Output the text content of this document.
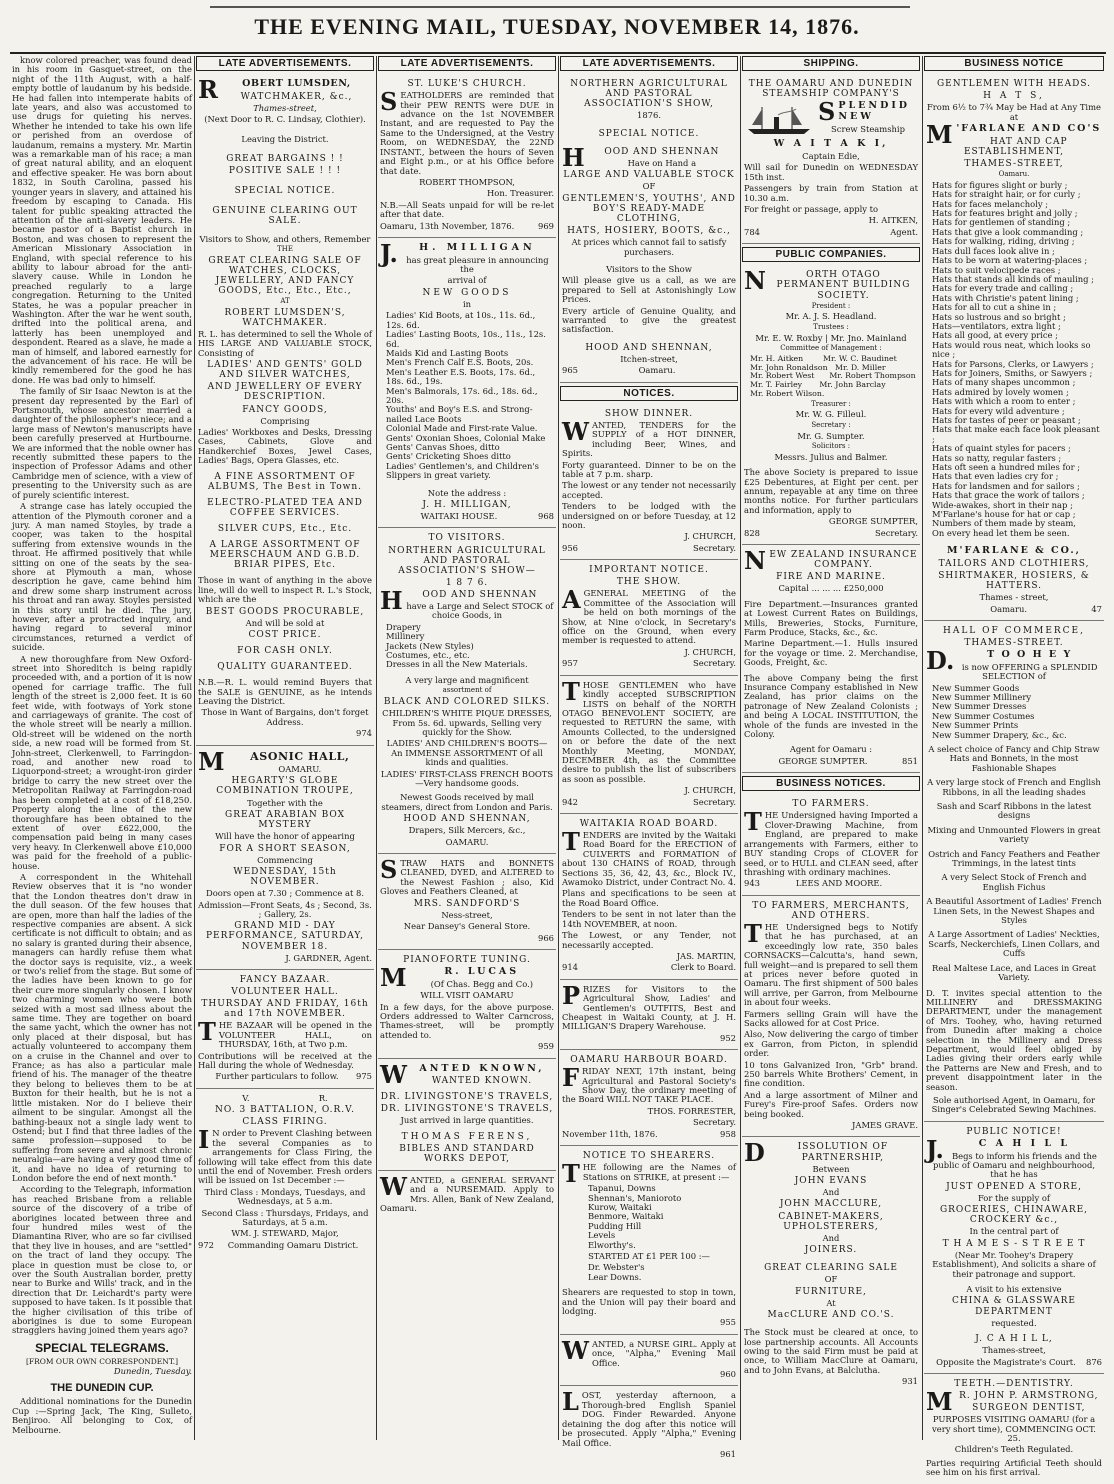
THE EVENING MAIL, TUESDAY, NOVEMBER 14, 1876.

know colored preacher, was found dead in his room in Gasquet-street, on the night of the 11th August, with a half-empty bottle of laudanum by his bedside. He had fallen into intemperate habits of late years, and also was accustomed to use drugs for quieting his nerves. Whether he intended to take his own life or perished from an overdose of laudanum, remains a mystery. Mr. Martin was a remarkable man of his race; a man of great natural ability, and an eloquent and effective speaker. He was born about 1832, in South Carolina, passed his younger years in slavery, and attained his freedom by escaping to Canada. His talent for public speaking attracted the attention of the anti-slavery leaders. He became pastor of a Baptist church in Boston, and was chosen to represent the American Missionary Association in England, with special reference to his ability to labour abroad for the anti-slavery cause. While in London he preached regularly to a large congregation. Returning to the United States, he was a popular preacher in Washington. After the war he went south, drifted into the political arena, and latterly has been unemployed and despondent. Reared as a slave, he made a man of himself, and labored earnestly for the advancement of his race. He will be kindly remembered for the good he has done. He was bad only to himself.

The family of Sir Isaac Newton is at the present day represented by the Earl of Portsmouth, whose ancestor married a daughter of the philosopher's niece; and a large mass of Newton's manuscripts have been carefully preserved at Hurtbourne. We are informed that the noble owner has recently submitted these papers to the inspection of Professor Adams and other Cambridge men of science, with a view of presenting to the University such as are of purely scientific interest.

A strange case has lately occupied the attention of the Plymouth coroner and a jury. A man named Stoyles, by trade a cooper, was taken to the hospital suffering from extensive wounds in the throat. He affirmed positively that while sitting on one of the seats by the sea-shore at Plymouth a man, whose description he gave, came behind him and drew some sharp instrument across his throat and ran away. Stoyles persisted in this story until he died. The jury, however, after a protracted inquiry, and having regard to several minor circumstances, returned a verdict of suicide.

A new thoroughfare from New Oxford-street into Shoreditch is being rapidly proceeded with, and a portion of it is now opened for carriage traffic. The full length of the street is 2,000 feet. It is 60 feet wide, with footways of York stone and carriageways of granite. The cost of the whole street will be nearly a million. Old-street will be widened on the north side, a new road will be formed from St. John-street, Clerkenwell, to Farringdon-road, and another new road to Liquorpond-street; a wrought-iron girder bridge to carry the new street over the Metropolitan Railway at Farringdon-road has been completed at a cost of £18,250. Property along the line of the new thoroughfare has been obtained to the extent of over £622,000, the compensation paid being in many cases very heavy. In Clerkenwell above £10,000 was paid for the freehold of a public-house.

A correspondent in the Whitehall Review observes that it is "no wonder that the London theatres don't draw in the dull season. Of the few houses that are open, more than half the ladies of the respective companies are absent. A sick certificate is not difficult to obtain; and as no salary is granted during their absence, managers can hardly refuse them what the doctor says is requisite, viz., a week or two's relief from the stage. But some of the ladies have been known to go for their cure more singularly chosen. I know two charming women who were both seized with a most sad illness about the same time. They are together on board the same yacht, which the owner has not only placed at their disposal, but has actually volunteered to accompany them on a cruise in the Channel and over to France; as has also a particular male friend of his. The manager of the theatre they belong to believes them to be at Buxton for their health, but he is not a little mistaken. Nor do I believe their ailment to be singular. Amongst all the bathing-beaux not a single lady went to Ostend; but I find that three ladies of the same profession—supposed to be suffering from severe and almost chronic neuralgia—are having a very good time of it, and have no idea of returning to London before the end of next month."

According to the Telegraph, information has reached Brisbane from a reliable source of the discovery of a tribe of aborigines located between three and four hundred miles west of the Diamantina River, who are so far civilised that they live in houses, and are "settled" on the tract of land they occupy. The place in question must be close to, or over the South Australian border, pretty near to Burke and Wills' track, and in the direction that Dr. Leichardt's party were supposed to have taken. Is it possible that the higher civilisation of this tribe of aborigines is due to some European stragglers having joined them years ago?

SPECIAL TELEGRAMS.
[FROM OUR OWN CORRESPONDENT.]
Dunedin, Tuesday.
THE DUNEDIN CUP.

Additional nominations for the Dunedin Cup :—Spring Jack, The King, Sulleto, Benjiroo. All belonging to Cox, of Melbourne.

LATE ADVERTISEMENTS.
R	OBERT LUMSDEN,
WATCHMAKER, &c.,
Thames-street,
(Next Door to R. C. Lindsay, Clothier).
Leaving the District.
GREAT BARGAINS ! !
POSITIVE SALE ! ! !
SPECIAL NOTICE.
GENUINE CLEARING OUT SALE.
Visitors to Show, and others, Remember
THE
GREAT CLEARING SALE OF WATCHES, CLOCKS, JEWELLERY, AND FANCY GOODS, Etc., Etc., Etc.,
AT
ROBERT LUMSDEN'S, WATCHMAKER.
R. L. has determined to sell the Whole of HIS LARGE AND VALUABLE STOCK, Consisting of
LADIES' AND GENTS' GOLD AND SILVER WATCHES,
AND JEWELLERY OF EVERY DESCRIPTION.
FANCY GOODS,
Comprising
Ladies' Workboxes and Desks, Dressing Cases, Cabinets, Glove and Handkerchief Boxes, Jewel Cases, Ladies' Bags, Opera Glasses, etc.
A FINE ASSORTMENT OF ALBUMS, The Best in Town.
ELECTRO-PLATED TEA AND COFFEE SERVICES.
SILVER CUPS, Etc., Etc.
A LARGE ASSORTMENT OF MEERSCHAUM AND G.B.D. BRIAR PIPES, Etc.
Those in want of anything in the above line, will do well to inspect R. L.'s Stock, which are the
BEST GOODS PROCURABLE,
And will be sold at
COST PRICE.
FOR CASH ONLY.
QUALITY GUARANTEED.
N.B.—R. L. would remind Buyers that the SALE is GENUINE, as he intends Leaving the District.
Those in Want of Bargains, don't forget Address.
974
M	ASONIC HALL,
OAMARU.
HEGARTY'S GLOBE COMBINATION TROUPE,
Together with the
GREAT ARABIAN BOX MYSTERY
Will have the honor of appearing
FOR A SHORT SEASON,
Commencing
WEDNESDAY, 15th NOVEMBER.
Doors open at 7.30 ; Commence at 8.
Admission—Front Seats, 4s ; Second, 3s. ; Gallery, 2s.
GRAND MID - DAY PERFORMANCE, SATURDAY, NOVEMBER 18.
J. GARDNER, Agent.
FANCY BAZAAR.
VOLUNTEER HALL.
THURSDAY AND FRIDAY, 16th and 17th NOVEMBER.
THE BAZAAR will be opened in the VOLUNTEER HALL, on THURSDAY, 16th, at Two p.m.
Contributions will be received at the Hall during the whole of Wednesday.
Further particulars to follow. 975
V.                          R.
NO. 3 BATTALION, O.R.V.
CLASS FIRING.
I N order to Prevent Clashing between the several Companies as to arrangements for Class Firing, the following will take effect from this date until the end of November. Fresh orders will be issued on 1st December :—
Third Class : Mondays, Tuesdays, and Wednesdays, at 5 a.m.
Second Class : Thursdays, Fridays, and Saturdays, at 5 a.m.
WM. J. STEWARD, Major,
972 Commanding Oamaru District.
LATE ADVERTISEMENTS.
ST. LUKE'S CHURCH.
SEATHOLDERS are reminded that their PEW RENTS were DUE in advance on the 1st NOVEMBER Instant, and are requested to Pay the Same to the Undersigned, at the Vestry Room, on WEDNESDAY, the 22ND INSTANT., between the hours of Seven and Eight p.m., or at his Office before that date.
ROBERT THOMPSON,
Hon. Treasurer.
N.B.—All Seats unpaid for will be re-let after that date.
Oamaru, 13th November, 1876.	969
J.	H. MILLIGAN
has great pleasure in announcing the
arrival of
NEW GOODS
in
Ladies' Kid Boots, at 10s., 11s. 6d., 12s. 6d.
Ladies' Lasting Boots, 10s., 11s., 12s. 6d.
Maids Kid and Lasting Boots
Men's French Calf E.S. Boots, 20s.
Men's Leather E.S. Boots, 17s. 6d., 18s. 6d., 19s.
Men's Balmorals, 17s. 6d., 18s. 6d., 20s.
Youths' and Boy's E.S. and Strong-nailed Lace Boots
Colonial Made and First-rate Value.
Gents' Oxonian Shoes, Colonial Make
Gents' Canvas Shoes, ditto
Gents' Cricketing Shoes ditto
Ladies' Gentlemen's, and Children's Slippers in great variety.
Note the address :
J. H. MILLIGAN,
WAITAKI HOUSE.	968
TO VISITORS.
NORTHERN AGRICULTURAL AND PASTORAL ASSOCIATION'S SHOW—
1 8 7 6.
H	OOD AND SHENNAN
have a Large and Select STOCK of choice Goods, in
Drapery
Millinery
Jackets (New Styles)
Costumes, etc., etc.
Dresses in all the New Materials.
A very large and magnificent
assortment of
BLACK AND COLORED SILKS.
CHILDREN'S WHITE PIQUE DRESSES, From 5s. 6d. upwards, Selling very quickly for the Show.
LADIES' AND CHILDREN'S BOOTS— An IMMENSE ASSORTMENT Of all kinds and qualities.
LADIES' FIRST-CLASS FRENCH BOOTS —Very handsome goods.
Newest Goods received by mail steamers, direct from London and Paris.
HOOD AND SHENNAN,
Drapers, Silk Mercers, &c.,
OAMARU.
STRAW HATS and BONNETS CLEANED, DYED, and ALTERED to the Newest Fashion ; also, Kid Gloves and Feathers Cleaned, at
MRS. SANDFORD'S
Ness-street,
Near Dansey's General Store.
966
PIANOFORTE TUNING.
M	R. LUCAS
(Of Chas. Begg and Co.)
WILL VISIT OAMARU
In a few days, for the above purpose. Orders addressed to Walter Carncross, Thames-street, will be promptly attended to.
959
W	ANTED KNOWN,
WANTED KNOWN.
DR. LIVINGSTONE'S TRAVELS,
DR. LIVINGSTONE'S TRAVELS,
Just arrived in large quantities.
THOMAS FERENS,
BIBLES AND STANDARD WORKS DEPOT,
WANTED, a GENERAL SERVANT and a NURSEMAID. Apply to Mrs. Allen, Bank of New Zealand, Oamaru.
LATE ADVERTISEMENTS.
NORTHERN AGRICULTURAL AND PASTORAL ASSOCIATION'S SHOW,
1876.
SPECIAL NOTICE.
H	OOD AND SHENNAN
Have on Hand a
LARGE AND VALUABLE STOCK
OF
GENTLEMEN'S, YOUTHS', AND BOY'S READY-MADE CLOTHING,
HATS, HOSIERY, BOOTS, &c.,
At prices which cannot fail to satisfy purchasers.
Visitors to the Show
Will please give us a call, as we are prepared to Sell at Astonishingly Low Prices.
Every article of Genuine Quality, and warranted to give the greatest satisfaction.
HOOD AND SHENNAN,
Itchen-street,
965	Oamaru.
NOTICES.
SHOW DINNER.
WANTED, TENDERS for the SUPPLY of a HOT DINNER, including Beer, Wines, and Spirits.
Forty guaranteed. Dinner to be on the table at 7 p.m. sharp.
The lowest or any tender not necessarily accepted.
Tenders to be lodged with the undersigned on or before Tuesday, at 12 noon.
J. CHURCH,
956	Secretary.
IMPORTANT NOTICE.
THE SHOW.
AGENERAL MEETING of the Committee of the Association will be held on both mornings of the Show, at Nine o'clock, in Secretary's office on the Ground, when every member is requested to attend.
J. CHURCH,
957	Secretary.
THOSE GENTLEMEN who have kindly accepted SUBSCRIPTION LISTS on behalf of the NORTH OTAGO BENEVOLENT SOCIETY, are requested to RETURN the same, with Amounts Collected, to the undersigned on or before the date of the next Monthly Meeting, MONDAY, DECEMBER 4th, as the Committee desire to publish the list of subscribers as soon as possible.
J. CHURCH,
942	Secretary.
WAITAKIA ROAD BOARD.
TENDERS are invited by the Waitaki Road Board for the ERECTION of CULVERTS and FORMATION of about 130 CHAINS of ROAD, through Sections 35, 36, 42, 43, &c., Block IV., Awamoko District, under Contract No. 4.
Plans and specifications to be seen at the Road Board Office.
Tenders to be sent in not later than the 14th NOVEMBER, at noon.
The Lowest, or any Tender, not necessarily accepted.
JAS. MARTIN,
914	Clerk to Board.
PRIZES for Visitors to the Agricultural Show, Ladies' and Gentlemen's OUTFITS, Best and Cheapest in Waitaki County, at J. H. MILLIGAN'S Drapery Warehouse.
952
OAMARU HARBOUR BOARD.
FRIDAY NEXT, 17th instant, being Agricultural and Pastoral Society's Show Day, the ordinary meeting of the Board WILL NOT TAKE PLACE.
THOS. FORRESTER,
Secretary.
November 11th, 1876.	958
NOTICE TO SHEARERS.
THE following are the Names of Stations on STRIKE, at present :—
Tapanui, Downs
Shennan's, Manioroto
Kurow, Waitaki
Benmore, Waitaki
Pudding Hill
Levels
Elworthy's.
STARTED AT £1 PER 100 :—
Dr. Webster's
Lear Downs.
Shearers are requested to stop in town, and the Union will pay their board and lodging.
955
WANTED, a NURSE GIRL. Apply at once, "Alpha," Evening Mail Office.
960
LOST, yesterday afternoon, a Thorough-bred English Spaniel DOG. Finder Rewarded. Anyone detaining the dog after this notice will be prosecuted. Apply "Alpha," Evening Mail Office.
961
SHIPPING.
THE OAMARU AND DUNEDIN STEAMSHIP COMPANY'S
SPLENDID NEW
Screw Steamship
W A I T A K I,
Captain Edie,
Will sail for Dunedin on WEDNESDAY 15th inst.
Passengers by train from Station at 10.30 a.m.
For freight or passage, apply to
H. AITKEN,
784	Agent.
PUBLIC COMPANIES.
N	ORTH OTAGO PERMANENT BUILDING SOCIETY.
President :
Mr. A. J. S. Headland.
Trustees :
Mr. E. W. Roxby | Mr. Jno. Mainland
Committee of Management :
Mr. H. Aitken        Mr. W. C. Baudinet
Mr. John Ronaldson   Mr. D. Miller
Mr. Robert West      Mr. Robert Thompson
Mr. T. Fairley       Mr. John Barclay
Mr. Robert Wilson.
Treasurer :
Mr. W. G. Filleul.
Secretary :
Mr. G. Sumpter.
Solicitors :
Messrs. Julius and Balmer.
The above Society is prepared to issue £25 Debentures, at Eight per cent. per annum, repayable at any time on three months notice. For further particulars and information, apply to
GEORGE SUMPTER,
828	Secretary.
N EW ZEALAND INSURANCE COMPANY.
FIRE AND MARINE.
Capital ... ... ... £250,000
Fire Department.—Insurances granted at Lowest Current Rates on Buildings, Mills, Breweries, Stocks, Furniture, Farm Produce, Stacks, &c., &c.
Marine Department.—1. Hulls insured for the voyage or time. 2. Merchandise, Goods, Freight, &c.
The above Company being the first Insurance Company established in New Zealand, has prior claims on the patronage of New Zealand Colonists ; and being A LOCAL INSTITUTION, the whole of the funds are invested in the Colony.
Agent for Oamaru :
GEORGE SUMPTER.	851
BUSINESS NOTICES.
TO FARMERS.
THE Undersigned having Imported a Clover-Drawing Machine, from England, are prepared to make arrangements with Farmers, either to BUY standing Crops of CLOVER for seed, or to HULL and CLEAN seed, after thrashing with ordinary machines.
943	LEES AND MOORE.
TO FARMERS, MERCHANTS, AND OTHERS.
THE Undersigned begs to Notify that he has purchased, at an exceedingly low rate, 350 bales CORNSACKS—Calcutta's, hand sewn, full weight—and is prepared to sell them at prices never before quoted in Oamaru. The first shipment of 500 bales will arrive, per Garron, from Melbourne in about four weeks.
Farmers selling Grain will have the Sacks allowed for at Cost Price.
Also, Now delivering the cargo of timber ex Garron, from Picton, in splendid order.
10 tons Galvanized Iron, "Grb" brand. 250 barrels White Brothers' Cement, in fine condition.
And a large assortment of Milner and Furey's Fire-proof Safes. Orders now being booked.
JAMES GRAVE.
D	ISSOLUTION OF PARTNERSHIP,
Between
JOHN EVANS
And
JOHN MACCLURE,
CABINET-MAKERS, UPHOLSTERERS,
And
JOINERS.
GREAT CLEARING SALE
OF
FURNITURE,
At
MacCLURE AND CO.'S.
The Stock must be cleared at once, to lose partnership accounts. All Accounts owing to the said Firm must be paid at once, to William MacClure at Oamaru, and to John Evans, at Balclutha.
931
BUSINESS NOTICE
GENTLEMEN WITH HEADS.
H A T S,
From 6½ to 7¾ May be Had at Any Time at
M 'FARLANE AND CO'S
HAT AND CAP ESTABLISHMENT,
THAMES-STREET,
Oamaru.
Hats for figures slight or burly ;
Hats for straight hair, or for curly ;
Hats for faces melancholy ;
Hats for features bright and jolly ;
Hats for gentlemen of standing ;
Hats that give a look commanding ;
Hats for walking, riding, driving ;
Hats dull faces look alive in ;
Hats to be worn at watering-places ;
Hats to suit velocipede races ;
Hats that stands all kinds of mauling ;
Hats for every trade and calling ;
Hats with Christie's patent lining ;
Hats for all to cut a shine in ;
Hats so lustrous and so bright ;
Hats—ventilators, extra light ;
Hats all good, at every price ;
Hats would rous neat, which looks so nice ;
Hats for Parsons, Clerks, or Lawyers ;
Hats for Joiners, Smiths, or Sawyers ;
Hats of many shapes uncommon ;
Hats admired by lovely women ;
Hats with which a room to enter ;
Hats for every wild adventure ;
Hats for tastes of peer or peasant ;
Hats that make each face look pleasant ;
Hats of quaint styles for pacers ;
Hats so natty, regular fasters ;
Hats oft seen a hundred miles for ;
Hats that even ladies cry for ;
Hats for landsmen and for sailors ;
Hats that grace the work of tailors ;
Wide-awakes, short in their nap ;
M'Farlane's house for hat or cap ;
Numbers of them made by steam,
On every head let them be seen.
M'FARLANE & CO.,
TAILORS AND CLOTHIERS,
SHIRTMAKER, HOSIERS, & HATTERS.
Thames - street,
Oamaru.	47
HALL OF COMMERCE,
THAMES-STREET.
D.	T O O H E Y
is now OFFERING a SPLENDID SELECTION of
New Summer Goods
New Summer Millinery
New Summer Dresses
New Summer Costumes
New Summer Prints
New Summer Drapery, &c., &c.
A select choice of Fancy and Chip Straw Hats and Bonnets, in the most Fashionable Shapes
A very large stock of French and English Ribbons, in all the leading shades
Sash and Scarf Ribbons in the latest designs
Mixing and Unmounted Flowers in great variety
Ostrich and Fancy Feathers and Feather Trimmings, in the latest tints
A very Select Stock of French and English Fichus
A Beautiful Assortment of Ladies' French Linen Sets, in the Newest Shapes and Styles
A Large Assortment of Ladies' Neckties, Scarfs, Neckerchiefs, Linen Collars, and Cuffs
Real Maltese Lace, and Laces in Great Variety.
D. T. invites special attention to the MILLINERY and DRESSMAKING DEPARTMENT, under the management of Mrs. Toohey, who, having returned from Dunedin after making a choice selection in the Millinery and Dress Department, would feel obliged by Ladies giving their orders early while the Patterns are New and Fresh, and to prevent disappointment later in the season.
Sole authorised Agent, in Oamaru, for Singer's Celebrated Sewing Machines.
PUBLIC NOTICE!
J.	C A H I L L
Begs to inform his friends and the public of Oamaru and neighbourhood, that he has
JUST OPENED A STORE,
For the supply of
GROCERIES, CHINAWARE, CROCKERY &c.,
In the central part of
T H A M E S - S T R E E T
(Near Mr. Toohey's Drapery Establishment), And solicits a share of their patronage and support.
A visit to his extensive
CHINA & GLASSWARE DEPARTMENT
requested.
J. C A H I L L,
Thames-street,
Opposite the Magistrate's Court. 876
TEETH.—DENTISTRY.
M R. JOHN P. ARMSTRONG,
SURGEON DENTIST,
PURPOSES VISITING OAMARU (for a very short time), COMMENCING OCT. 25.
Children's Teeth Regulated.
Parties requiring Artificial Teeth should see him on his first arrival.
